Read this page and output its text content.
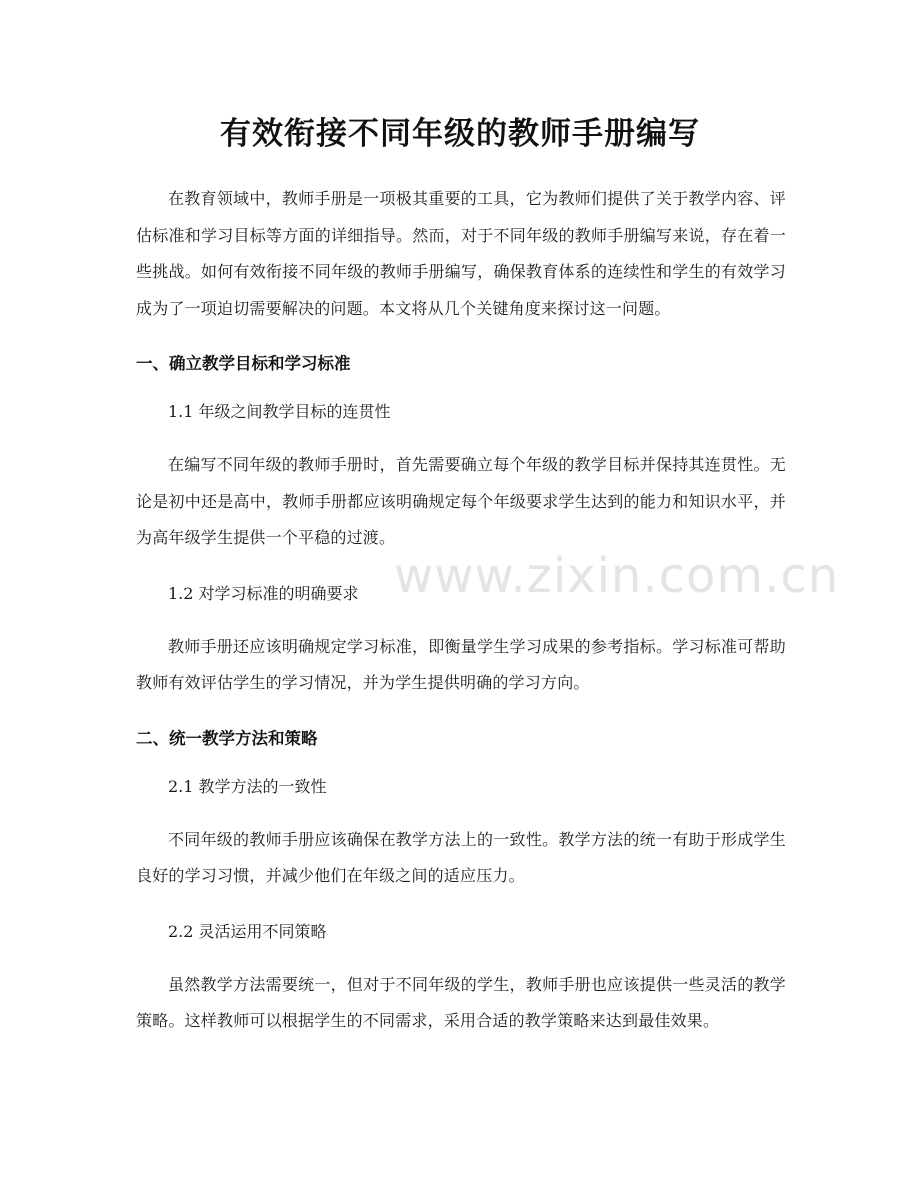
www.zixin.com.cn
有效衔接不同年级的教师手册编写

在教育领域中，教师手册是一项极其重要的工具，它为教师们提供了关于教学内容、评估标准和学习目标等方面的详细指导。然而，对于不同年级的教师手册编写来说，存在着一些挑战。如何有效衔接不同年级的教师手册编写，确保教育体系的连续性和学生的有效学习成为了一项迫切需要解决的问题。本文将从几个关键角度来探讨这一问题。

一、确立教学目标和学习标准
1.1 年级之间教学目标的连贯性

在编写不同年级的教师手册时，首先需要确立每个年级的教学目标并保持其连贯性。无论是初中还是高中，教师手册都应该明确规定每个年级要求学生达到的能力和知识水平，并为高年级学生提供一个平稳的过渡。

1.2 对学习标准的明确要求

教师手册还应该明确规定学习标准，即衡量学生学习成果的参考指标。学习标准可帮助教师有效评估学生的学习情况，并为学生提供明确的学习方向。

二、统一教学方法和策略
2.1 教学方法的一致性

不同年级的教师手册应该确保在教学方法上的一致性。教学方法的统一有助于形成学生良好的学习习惯，并减少他们在年级之间的适应压力。

2.2 灵活运用不同策略

虽然教学方法需要统一，但对于不同年级的学生，教师手册也应该提供一些灵活的教学策略。这样教师可以根据学生的不同需求，采用合适的教学策略来达到最佳效果。
